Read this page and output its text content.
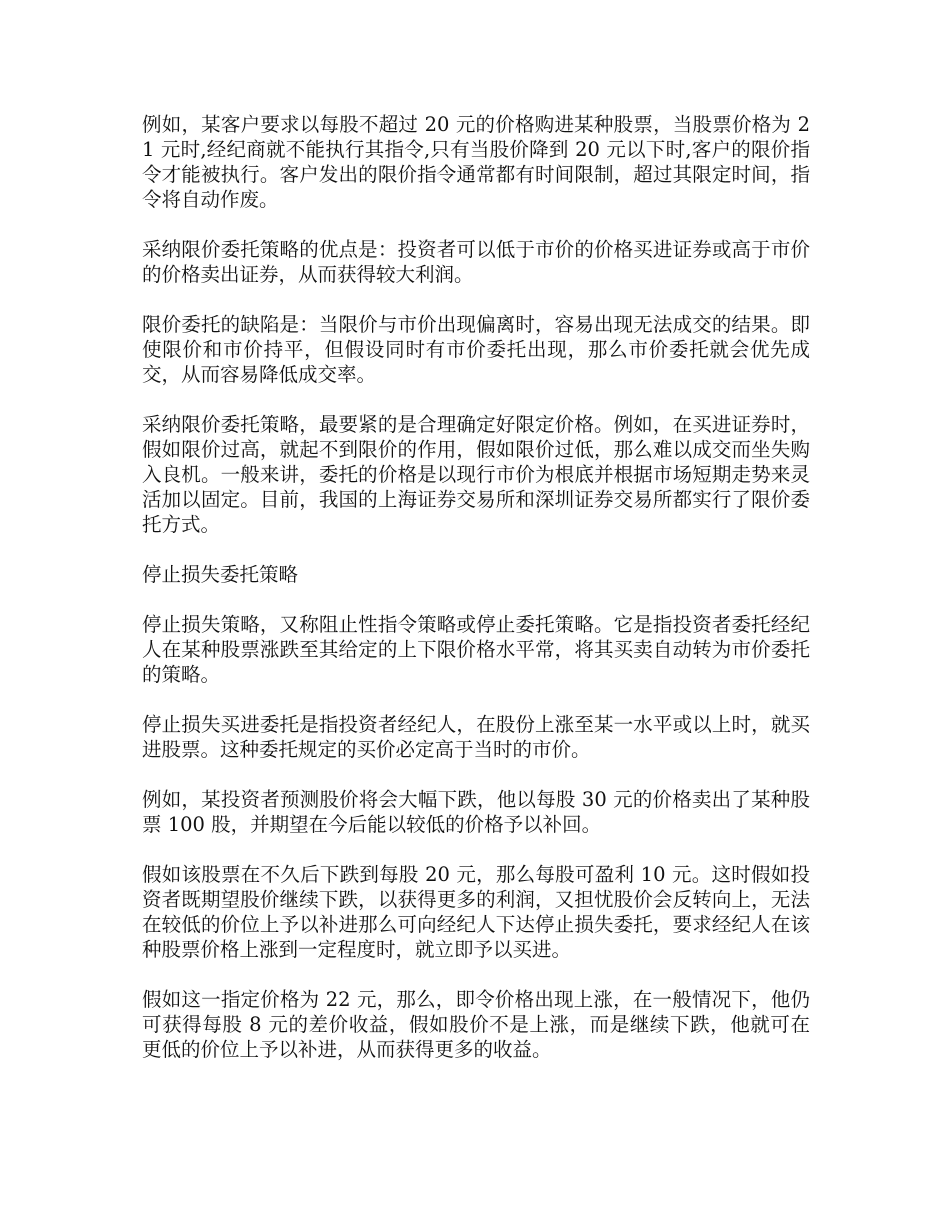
例如，某客户要求以每股不超过 20 元的价格购进某种股票，当股票价格为 21 元时,经纪商就不能执行其指令,只有当股价降到 20 元以下时,客户的限价指令才能被执行。客户发出的限价指令通常都有时间限制，超过其限定时间，指令将自动作废。

采纳限价委托策略的优点是：投资者可以低于市价的价格买进证券或高于市价的价格卖出证券，从而获得较大利润。

限价委托的缺陷是：当限价与市价出现偏离时，容易出现无法成交的结果。即使限价和市价持平，但假设同时有市价委托出现，那么市价委托就会优先成交，从而容易降低成交率。

采纳限价委托策略，最要紧的是合理确定好限定价格。例如，在买进证券时，假如限价过高，就起不到限价的作用，假如限价过低，那么难以成交而坐失购入良机。一般来讲，委托的价格是以现行市价为根底并根据市场短期走势来灵活加以固定。目前，我国的上海证券交易所和深圳证券交易所都实行了限价委托方式。

停止损失委托策略

停止损失策略，又称阻止性指令策略或停止委托策略。它是指投资者委托经纪人在某种股票涨跌至其给定的上下限价格水平常，将其买卖自动转为市价委托的策略。

停止损失买进委托是指投资者经纪人，在股份上涨至某一水平或以上时，就买进股票。这种委托规定的买价必定高于当时的市价。

例如，某投资者预测股价将会大幅下跌，他以每股 30 元的价格卖出了某种股票 100 股，并期望在今后能以较低的价格予以补回。

假如该股票在不久后下跌到每股 20 元，那么每股可盈利 10 元。这时假如投资者既期望股价继续下跌，以获得更多的利润，又担忧股价会反转向上，无法在较低的价位上予以补进那么可向经纪人下达停止损失委托，要求经纪人在该种股票价格上涨到一定程度时，就立即予以买进。

假如这一指定价格为 22 元，那么，即令价格出现上涨，在一般情况下，他仍可获得每股 8 元的差价收益，假如股价不是上涨，而是继续下跌，他就可在更低的价位上予以补进，从而获得更多的收益。
